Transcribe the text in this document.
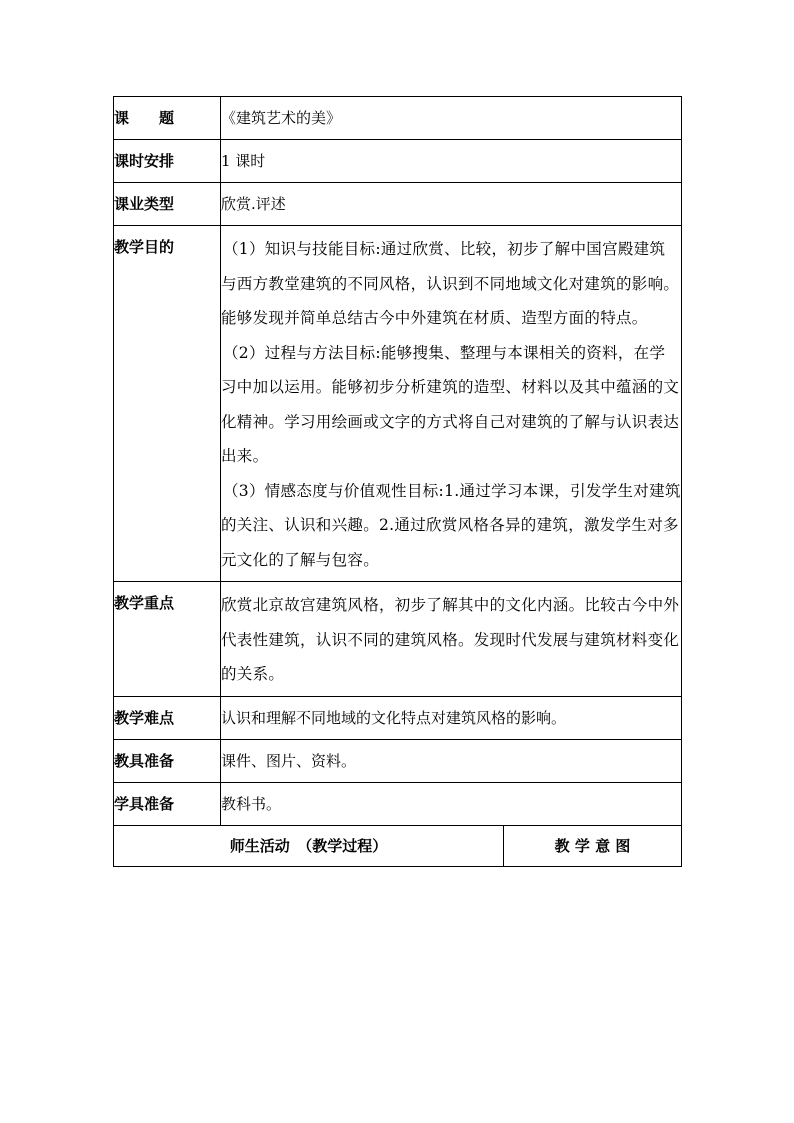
课　　题	《建筑艺术的美》	
课时安排	1 课时	
课业类型	欣赏.评述	
教学目的	（1）知识与技能目标:通过欣赏、比较，初步了解中国宫殿建筑与西方教堂建筑的不同风格，认识到不同地域文化对建筑的影响。能够发现并简单总结古今中外建筑在材质、造型方面的特点。
（2）过程与方法目标:能够搜集、整理与本课相关的资料，在学习中加以运用。能够初步分析建筑的造型、材料以及其中蕴涵的文化精神。学习用绘画或文字的方式将自己对建筑的了解与认识表达出来。
（3）情感态度与价值观性目标:1.通过学习本课，引发学生对建筑的关注、认识和兴趣。2.通过欣赏风格各异的建筑，激发学生对多元文化的了解与包容。	

教学重点	欣赏北京故宫建筑风格，初步了解其中的文化内涵。比较古今中外代表性建筑，认识不同的建筑风格。发现时代发展与建筑材料变化的关系。	

教学难点	认识和理解不同地域的文化特点对建筑风格的影响。	
教具准备	课件、图片、资料。	
学具准备	教科书。	
师生活动　（教学过程）		教 学 意 图
